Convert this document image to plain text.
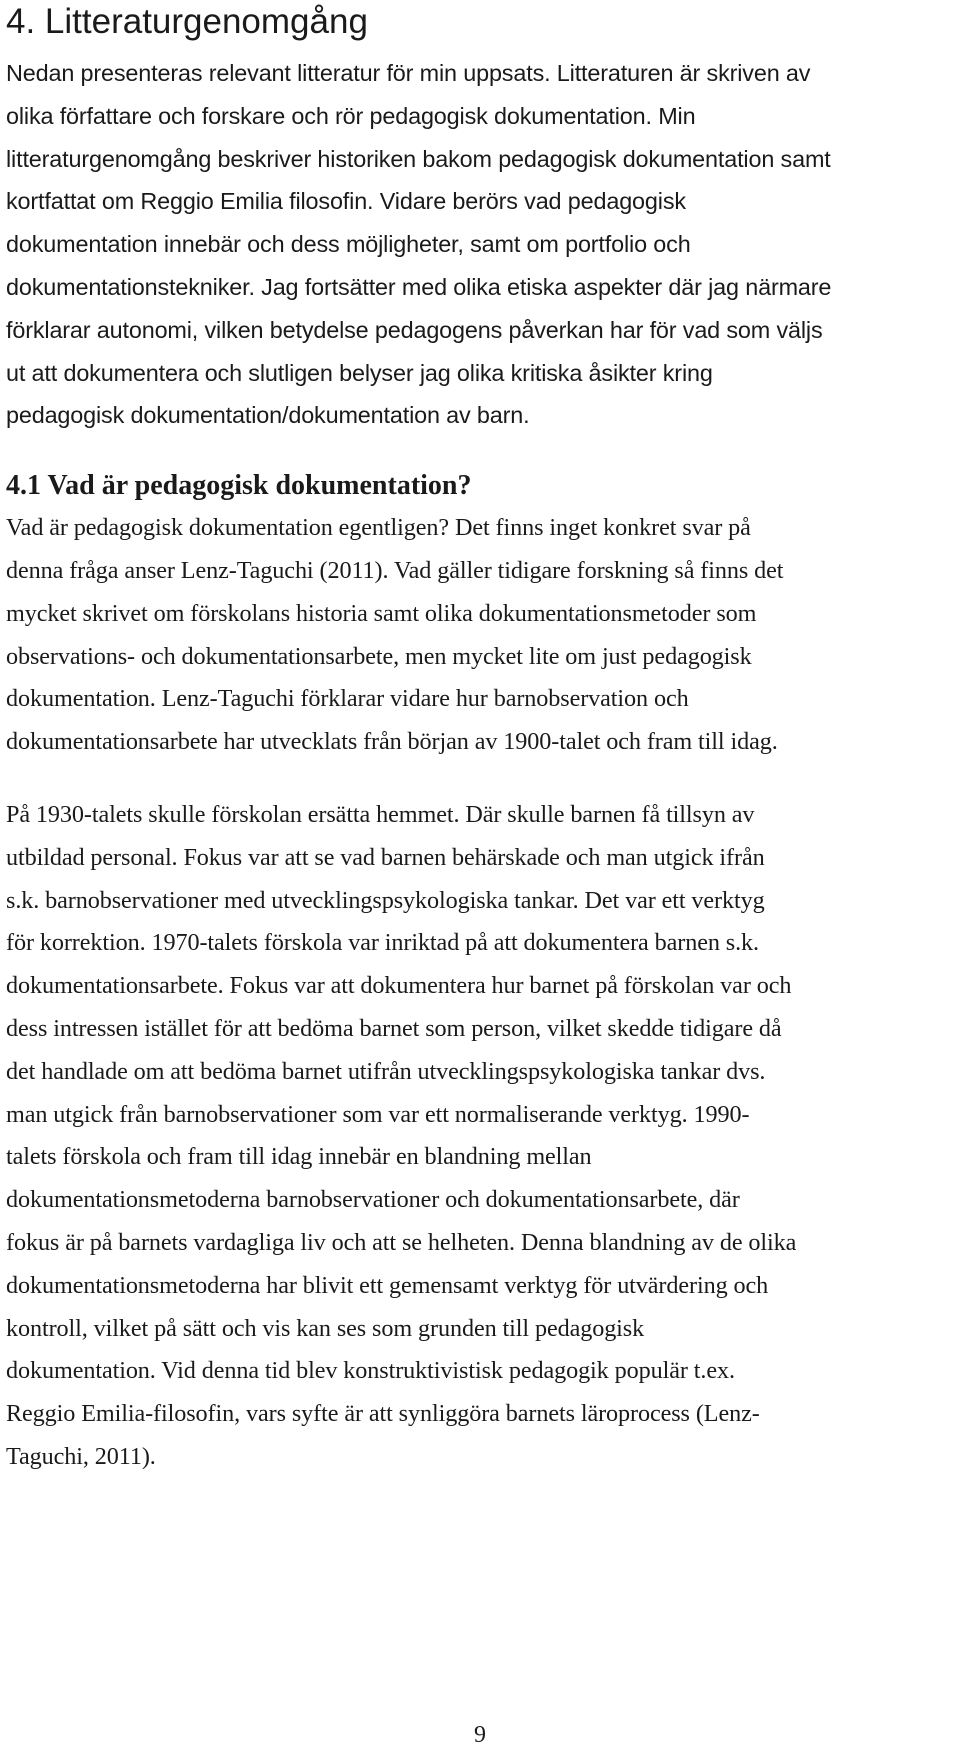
4. Litteraturgenomgång
Nedan presenteras relevant litteratur för min uppsats. Litteraturen är skriven av
olika författare och forskare och rör pedagogisk dokumentation. Min
litteraturgenomgång beskriver historiken bakom pedagogisk dokumentation samt
kortfattat om Reggio Emilia filosofin. Vidare berörs vad pedagogisk
dokumentation innebär och dess möjligheter, samt om portfolio och
dokumentationstekniker. Jag fortsätter med olika etiska aspekter där jag närmare
förklarar autonomi, vilken betydelse pedagogens påverkan har för vad som väljs
ut att dokumentera och slutligen belyser jag olika kritiska åsikter kring
pedagogisk dokumentation/dokumentation av barn.
4.1 Vad är pedagogisk dokumentation?
Vad är pedagogisk dokumentation egentligen? Det finns inget konkret svar på
denna fråga anser Lenz-Taguchi (2011). Vad gäller tidigare forskning så finns det
mycket skrivet om förskolans historia samt olika dokumentationsmetoder som
observations- och dokumentationsarbete, men mycket lite om just pedagogisk
dokumentation. Lenz-Taguchi förklarar vidare hur barnobservation och
dokumentationsarbete har utvecklats från början av 1900-talet och fram till idag.
På 1930-talets skulle förskolan ersätta hemmet. Där skulle barnen få tillsyn av
utbildad personal. Fokus var att se vad barnen behärskade och man utgick ifrån
s.k. barnobservationer med utvecklingspsykologiska tankar. Det var ett verktyg
för korrektion. 1970-talets förskola var inriktad på att dokumentera barnen s.k.
dokumentationsarbete. Fokus var att dokumentera hur barnet på förskolan var och
dess intressen istället för att bedöma barnet som person, vilket skedde tidigare då
det handlade om att bedöma barnet utifrån utvecklingspsykologiska tankar dvs.
man utgick från barnobservationer som var ett normaliserande verktyg. 1990-
talets förskola och fram till idag innebär en blandning mellan
dokumentationsmetoderna barnobservationer och dokumentationsarbete, där
fokus är på barnets vardagliga liv och att se helheten. Denna blandning av de olika
dokumentationsmetoderna har blivit ett gemensamt verktyg för utvärdering och
kontroll, vilket på sätt och vis kan ses som grunden till pedagogisk
dokumentation. Vid denna tid blev konstruktivistisk pedagogik populär t.ex.
Reggio Emilia-filosofin, vars syfte är att synliggöra barnets läroprocess (Lenz-
Taguchi, 2011).
9
